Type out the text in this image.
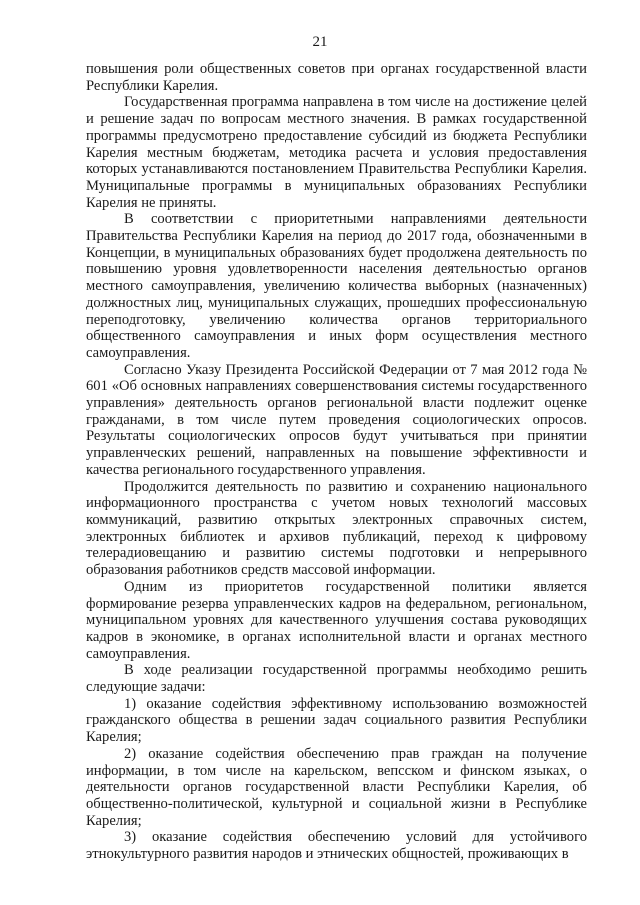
21

повышения роли общественных советов при органах государственной власти Республики Карелия.

Государственная программа направлена в том числе на достижение целей и решение задач по вопросам местного значения. В рамках государственной программы предусмотрено предоставление субсидий из бюджета Республики Карелия местным бюджетам, методика расчета и условия предоставления которых устанавливаются постановлением Правительства Республики Карелия. Муниципальные программы в муниципальных образованиях Республики Карелия не приняты.

В соответствии с приоритетными направлениями деятельности Правительства Республики Карелия на период до 2017 года, обозначенными в Концепции, в муниципальных образованиях будет продолжена деятельность по повышению уровня удовлетворенности населения деятельностью органов местного самоуправления, увеличению количества выборных (назначенных) должностных лиц, муниципальных служащих, прошедших профессиональную переподготовку, увеличению количества органов территориального общественного самоуправления и иных форм осуществления местного самоуправления.

Согласно Указу Президента Российской Федерации от 7 мая 2012 года № 601 «Об основных направлениях совершенствования системы государственного управления» деятельность органов региональной власти подлежит оценке гражданами, в том числе путем проведения социологических опросов. Результаты социологических опросов будут учитываться при принятии управленческих решений, направленных на повышение эффективности и качества регионального государственного управления.

Продолжится деятельность по развитию и сохранению национального информационного пространства с учетом новых технологий массовых коммуникаций, развитию открытых электронных справочных систем, электронных библиотек и архивов публикаций, переход к цифровому телерадиовещанию и развитию системы подготовки и непрерывного образования работников средств массовой информации.

Одним из приоритетов государственной политики является формирование резерва управленческих кадров на федеральном, региональном, муниципальном уровнях для качественного улучшения состава руководящих кадров в экономике, в органах исполнительной власти и органах местного самоуправления.

В ходе реализации государственной программы необходимо решить следующие задачи:

1) оказание содействия эффективному использованию возможностей гражданского общества в решении задач социального развития Республики Карелия;

2) оказание содействия обеспечению прав граждан на получение информации, в том числе на карельском, вепсском и финском языках, о деятельности органов государственной власти Республики Карелия, об общественно-политической, культурной и социальной жизни в Республике Карелия;

3) оказание содействия обеспечению условий для устойчивого этнокультурного развития народов и этнических общностей, проживающих в
